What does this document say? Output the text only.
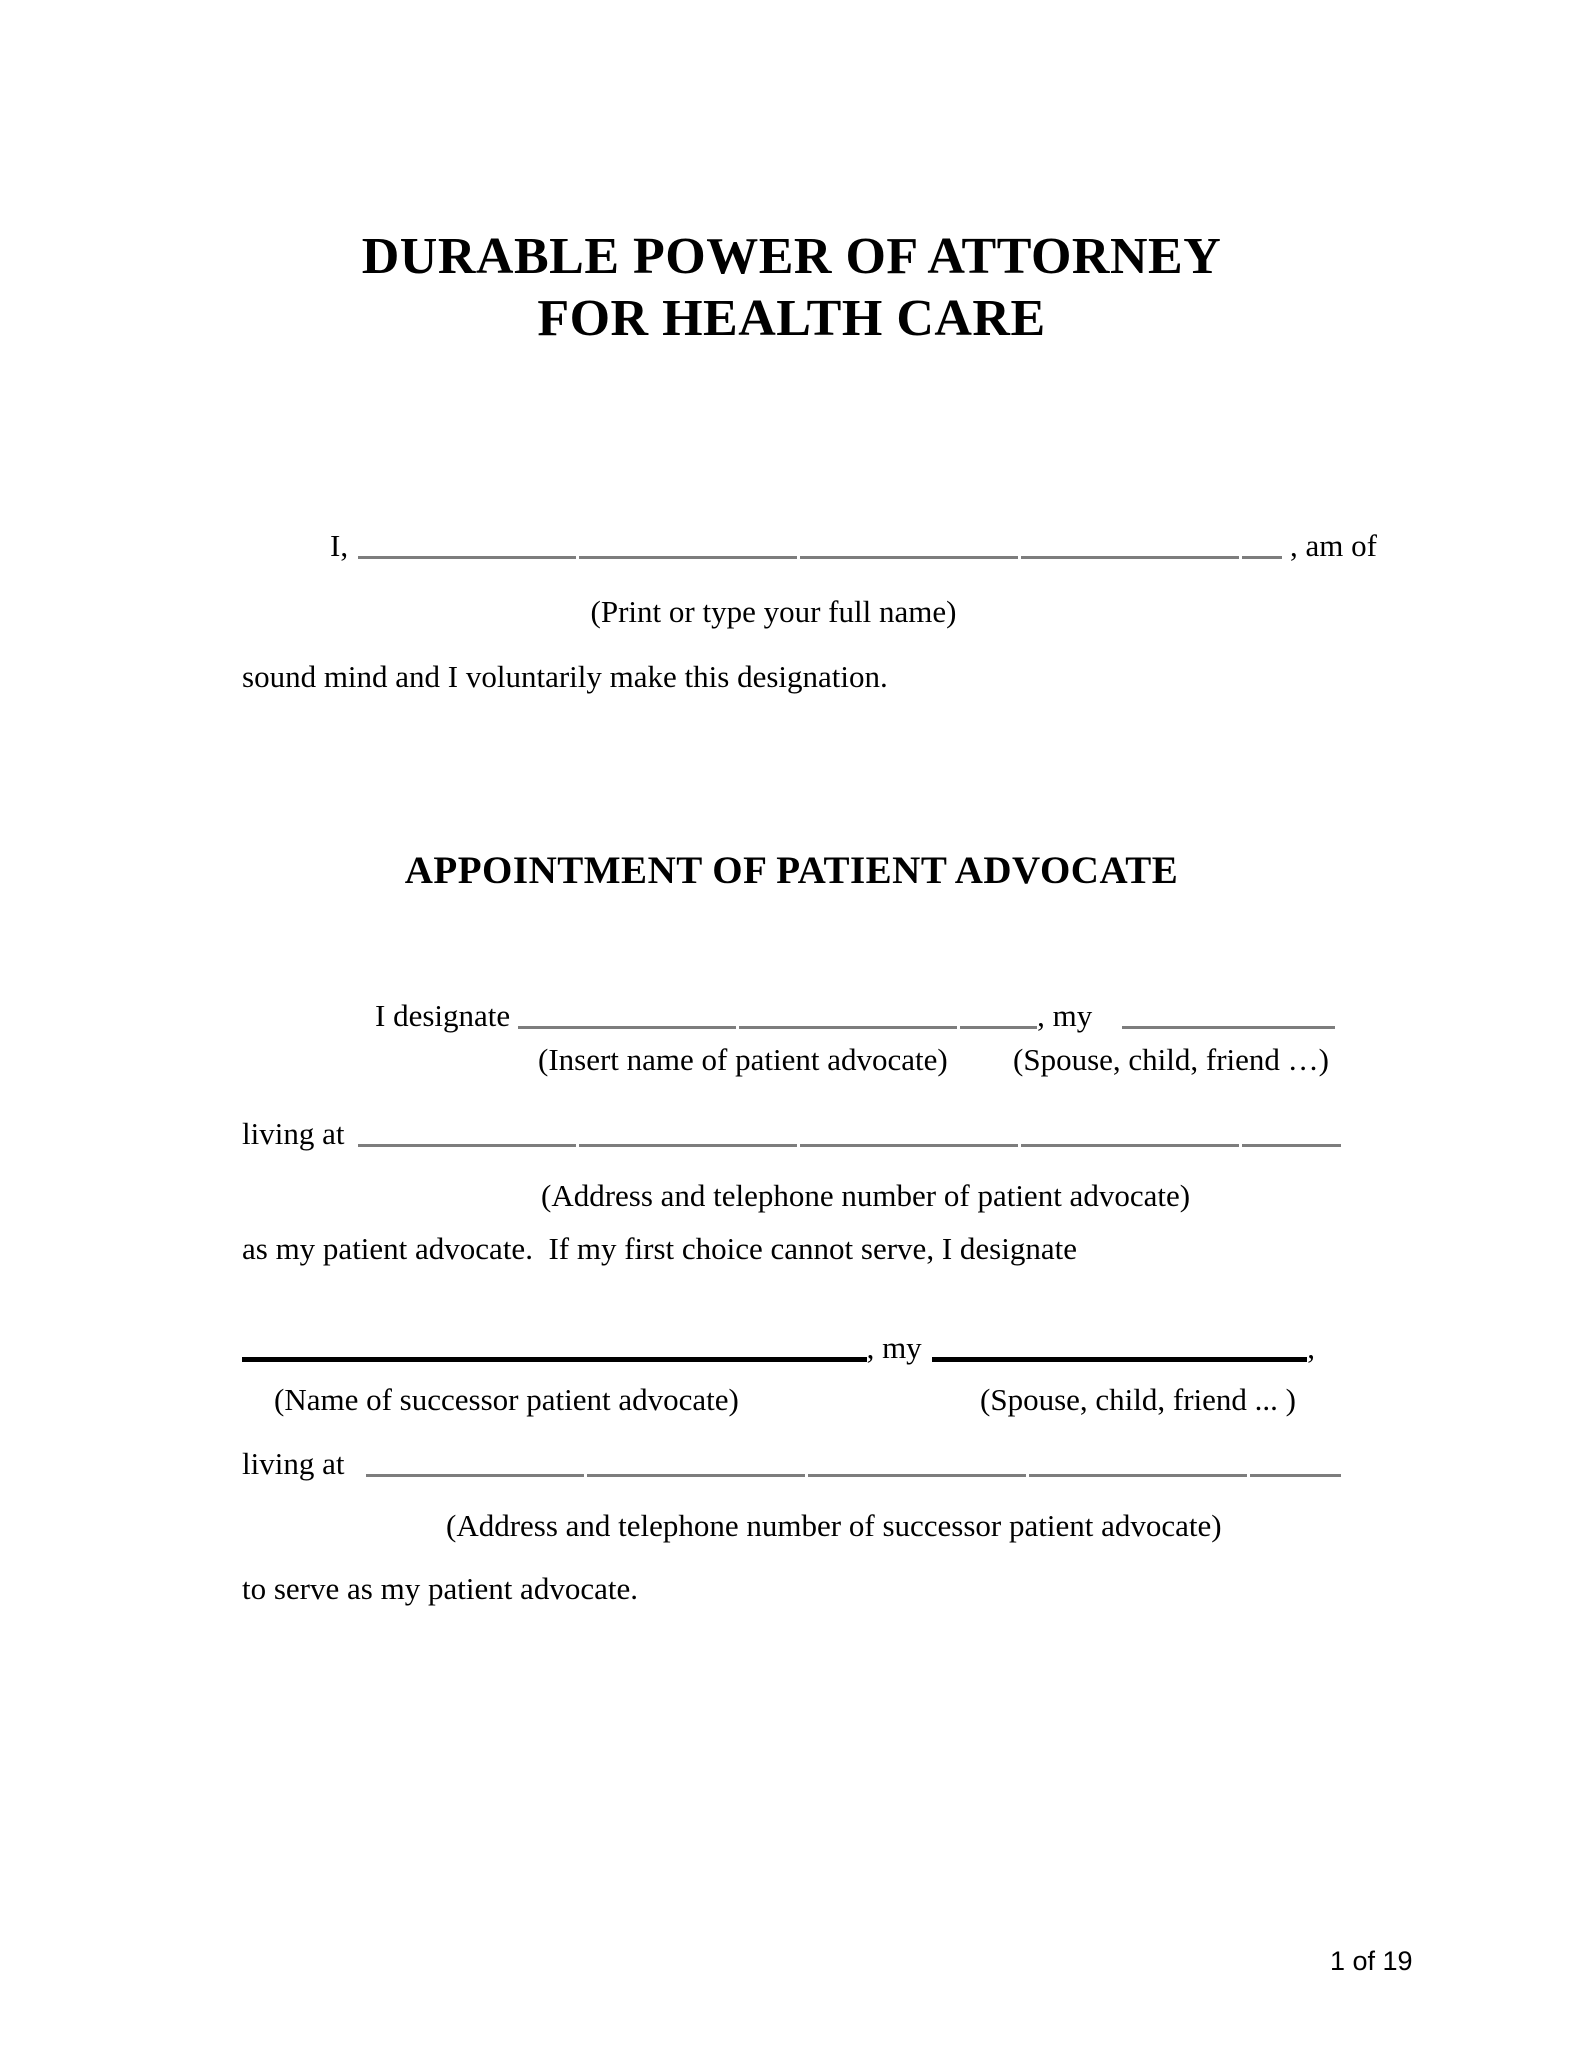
DURABLE POWER OF ATTORNEY
FOR HEALTH CARE
I,	, am of
(Print or type your full name)
sound mind and I voluntarily make this designation.
APPOINTMENT OF PATIENT ADVOCATE
I designate	, my
(Insert name of patient advocate) (Spouse, child, friend …)
living at
(Address and telephone number of patient advocate)
as my patient advocate.  If my first choice cannot serve, I designate
, my	,
(Name of successor patient advocate)	(Spouse, child, friend ... )
living at
(Address and telephone number of successor patient advocate)
to serve as my patient advocate.
1 of 19
